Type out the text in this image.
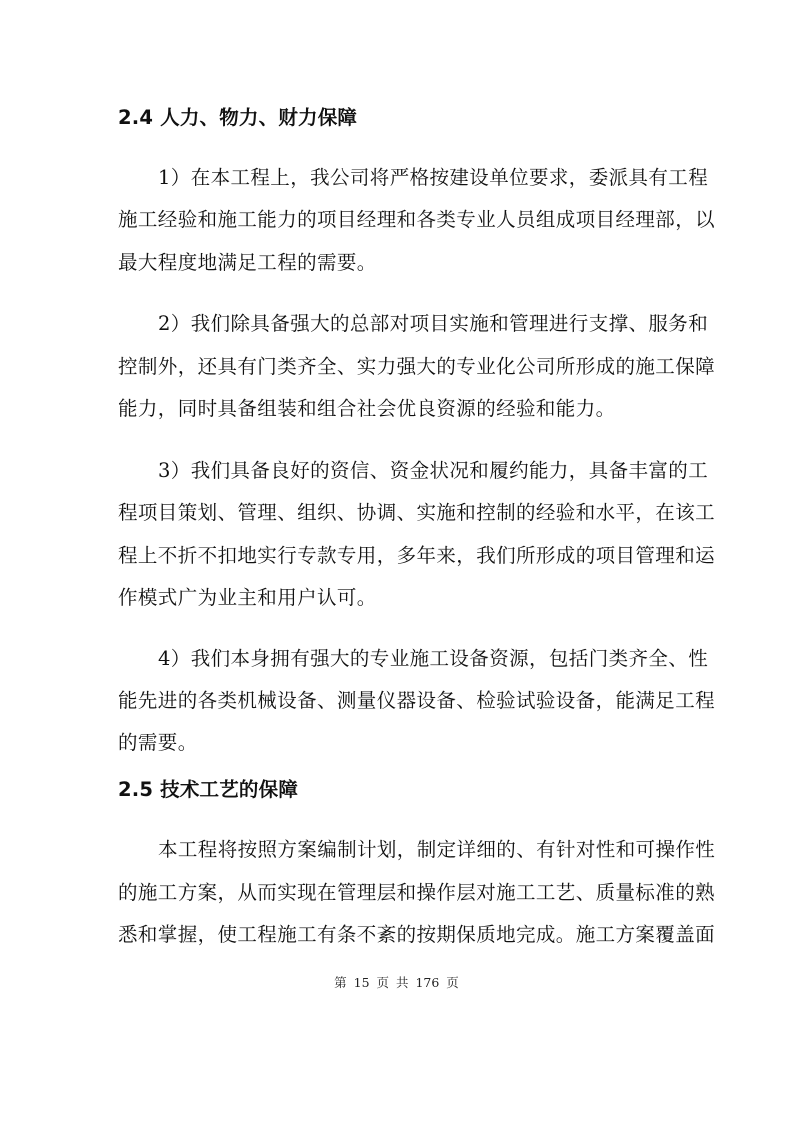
2.4 人力、物力、财力保障
1）在本工程上，我公司将严格按建设单位要求，委派具有工程
施工经验和施工能力的项目经理和各类专业人员组成项目经理部，以
最大程度地满足工程的需要。
2）我们除具备强大的总部对项目实施和管理进行支撑、服务和
控制外，还具有门类齐全、实力强大的专业化公司所形成的施工保障
能力，同时具备组装和组合社会优良资源的经验和能力。
3）我们具备良好的资信、资金状况和履约能力，具备丰富的工
程项目策划、管理、组织、协调、实施和控制的经验和水平，在该工
程上不折不扣地实行专款专用，多年来，我们所形成的项目管理和运
作模式广为业主和用户认可。
4）我们本身拥有强大的专业施工设备资源，包括门类齐全、性
能先进的各类机械设备、测量仪器设备、检验试验设备，能满足工程
的需要。
2.5 技术工艺的保障
本工程将按照方案编制计划，制定详细的、有针对性和可操作性
的施工方案，从而实现在管理层和操作层对施工工艺、质量标准的熟
悉和掌握，使工程施工有条不紊的按期保质地完成。施工方案覆盖面
第 15 页 共 176 页
